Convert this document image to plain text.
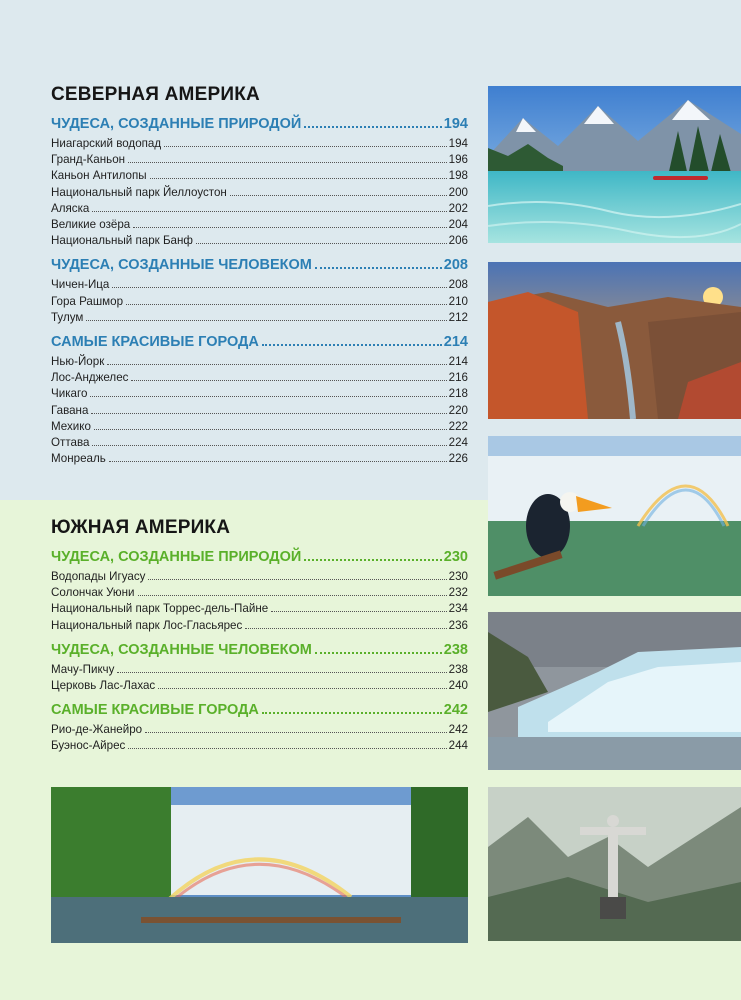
СЕВЕРНАЯ АМЕРИКА
ЧУДЕСА, СОЗДАННЫЕ ПРИРОДОЙ	194
Ниагарский водопад	194
Гранд-Каньон	196
Каньон Антилопы	198
Национальный парк Йеллоустон	200
Аляска	202
Великие озёра	204
Национальный парк Банф	206
ЧУДЕСА, СОЗДАННЫЕ ЧЕЛОВЕКОМ	208
Чичен-Ица	208
Гора Рашмор	210
Тулум	212
САМЫЕ КРАСИВЫЕ ГОРОДА	214
Нью-Йорк	214
Лос-Анджелес	216
Чикаго	218
Гавана	220
Мехико	222
Оттава	224
Монреаль	226
ЮЖНАЯ АМЕРИКА
ЧУДЕСА, СОЗДАННЫЕ ПРИРОДОЙ	230
Водопады Игуасу	230
Солончак Уюни	232
Национальный парк Торрес-дель-Пайне	234
Национальный парк Лос-Гласьярес	236
ЧУДЕСА, СОЗДАННЫЕ ЧЕЛОВЕКОМ	238
Мачу-Пикчу	238
Церковь Лас-Лахас	240
САМЫЕ КРАСИВЫЕ ГОРОДА	242
Рио-де-Жанейро	242
Буэнос-Айрес	244
